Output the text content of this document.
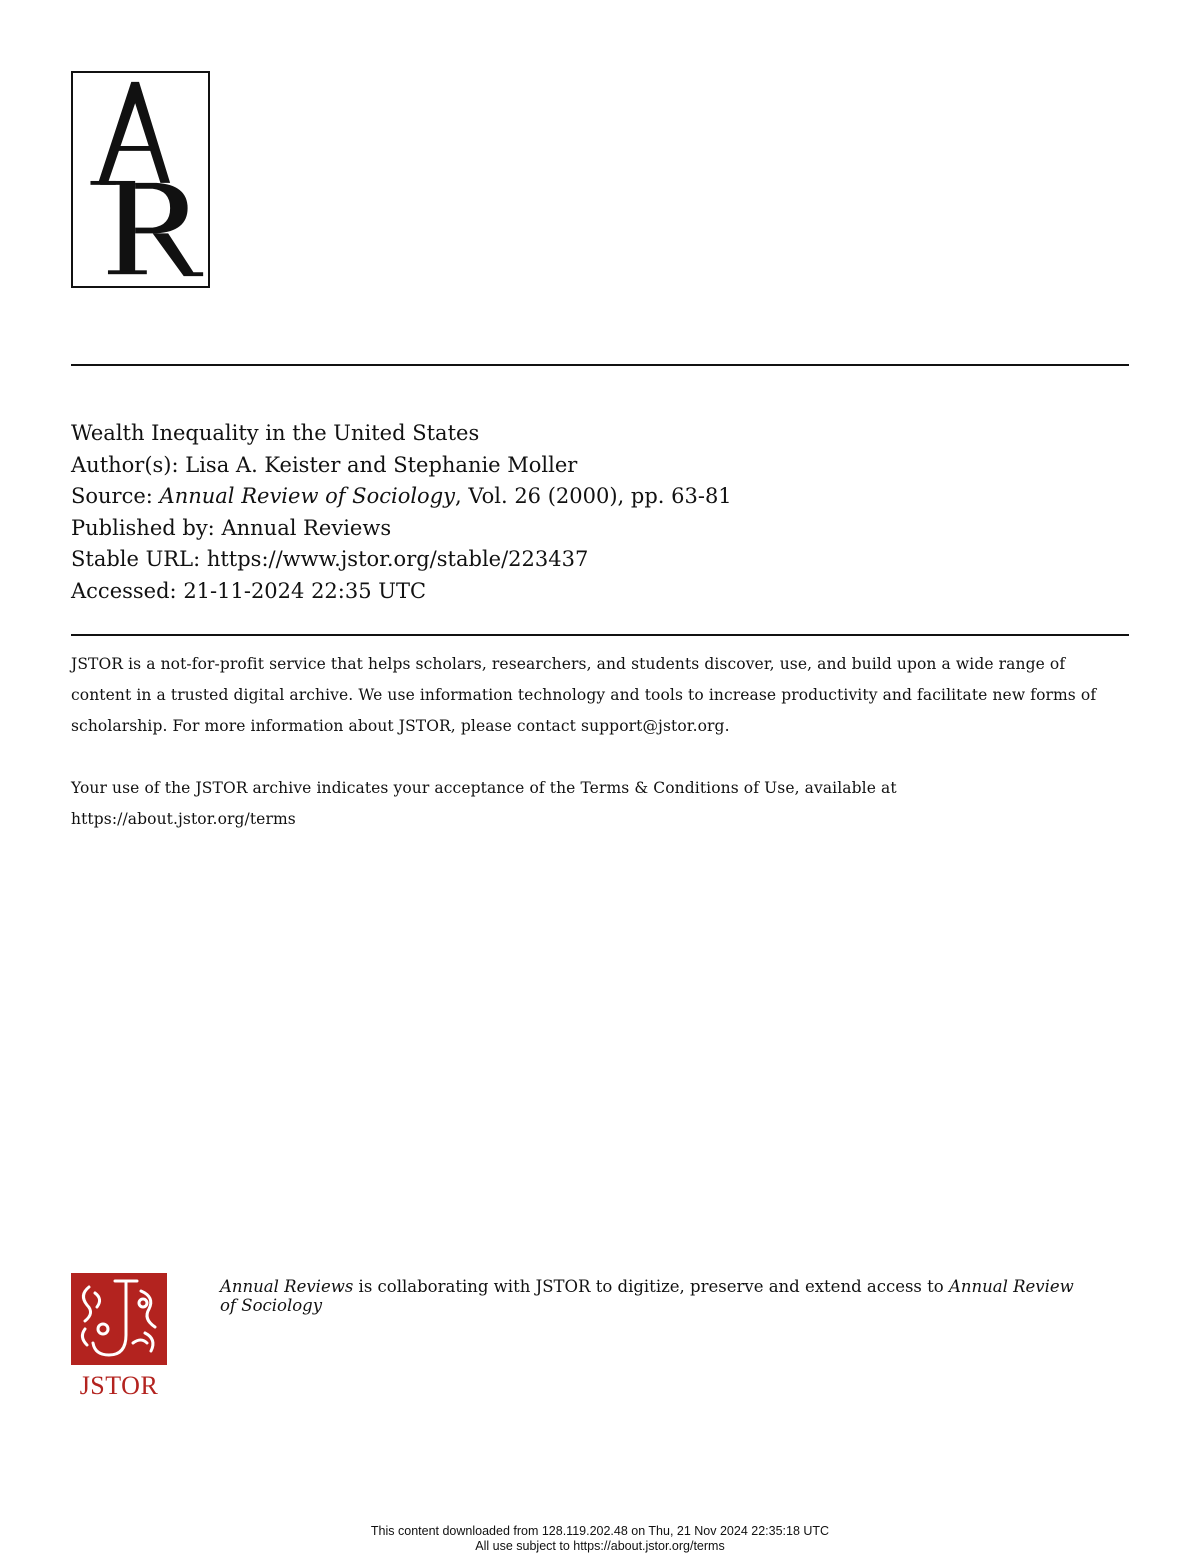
Wealth Inequality in the United States
Author(s): Lisa A. Keister and Stephanie Moller
Source: Annual Review of Sociology, Vol. 26 (2000), pp. 63-81
Published by: Annual Reviews
Stable URL: https://www.jstor.org/stable/223437
Accessed: 21-11-2024 22:35 UTC

JSTOR is a not-for-profit service that helps scholars, researchers, and students discover, use, and build upon a wide range of content in a trusted digital archive. We use information technology and tools to increase productivity and facilitate new forms of scholarship. For more information about JSTOR, please contact support@jstor.org.

Your use of the JSTOR archive indicates your acceptance of the Terms & Conditions of Use, available at
https://about.jstor.org/terms

JSTOR
Annual Reviews is collaborating with JSTOR to digitize, preserve and extend access to Annual Review of Sociology
This content downloaded from 128.119.202.48 on Thu, 21 Nov 2024 22:35:18 UTC
All use subject to https://about.jstor.org/terms
